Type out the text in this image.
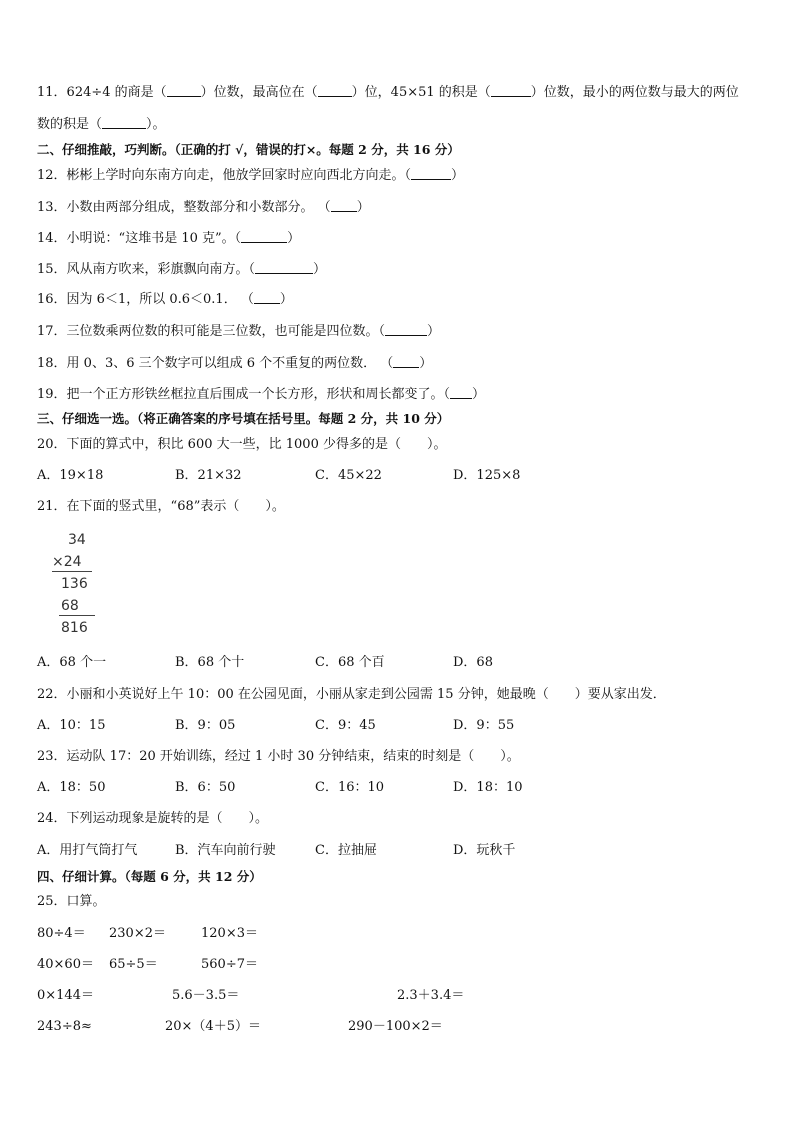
11．624÷4 的商是（	）位数，最高位在（	）位，45×51 的积是（	）位数，最小的两位数与最大的两位
数的积是（	）。
二、仔细推敲，巧判断。（正确的打 √，错误的打×。每题 2 分，共 16 分）
12．彬彬上学时向东南方向走，他放学回家时应向西北方向走。（	）
13．小数由两部分组成，整数部分和小数部分。 （ ）
14．小明说：“这堆书是 10 克”。（	）
15．风从南方吹来，彩旗飘向南方。（	）
16．因为 6＜1，所以 0.6＜0.1． （ ）
17．三位数乘两位数的积可能是三位数，也可能是四位数。（	）
18．用 0、3、6 三个数字可以组成 6 个不重复的两位数． （ ）
19．把一个正方形铁丝框拉直后围成一个长方形，形状和周长都变了。（ ）
三、仔细选一选。（将正确答案的序号填在括号里。每题 2 分，共 10 分）
20．下面的算式中，积比 600 大一些，比 1000 少得多的是（　　）。
A．19×18	B．21×32	C．45×22	D．125×8
21．在下面的竖式里，“68”表示（　　）。
34
×24
136
68
816
A．68 个一	B．68 个十	C．68 个百	D．68
22．小丽和小英说好上午 10：00 在公园见面，小丽从家走到公园需 15 分钟，她最晚（　　）要从家出发．
A．10：15	B．9：05	C．9：45	D．9：55
23．运动队 17：20 开始训练，经过 1 小时 30 分钟结束，结束的时刻是（　　）。
A．18：50	B．6：50	C．16：10	D．18：10
24．下列运动现象是旋转的是（　　）。
A．用打气筒打气	B．汽车向前行驶	C．拉抽屉	D．玩秋千
四、仔细计算。（每题 6 分，共 12 分）
25．口算。
80÷4＝ 230×2＝	120×3＝
40×60＝ 65÷5＝	560÷7＝
0×144＝	5.6－3.5＝	2.3＋3.4＝
243÷8≈	20×（4＋5）＝	290－100×2＝
